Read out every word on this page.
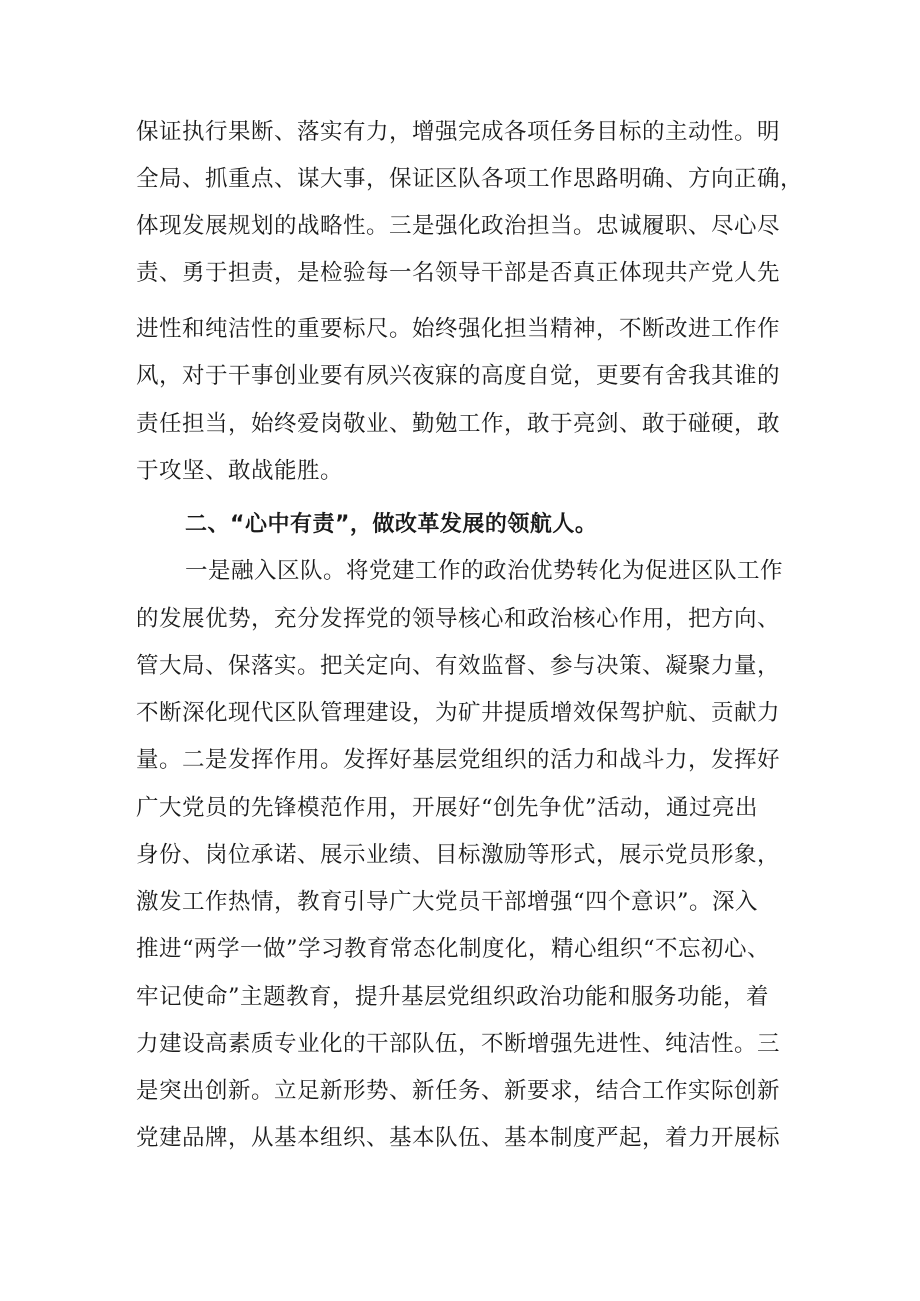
保证执行果断、落实有力，增强完成各项任务目标的主动性。明
全局、抓重点、谋大事，保证区队各项工作思路明确、方向正确，
体现发展规划的战略性。三是强化政治担当。忠诚履职、尽心尽
责、勇于担责，是检验每一名领导干部是否真正体现共产党人先
进性和纯洁性的重要标尺。始终强化担当精神，不断改进工作作
风，对于干事创业要有夙兴夜寐的高度自觉，更要有舍我其谁的
责任担当，始终爱岗敬业、勤勉工作，敢于亮剑、敢于碰硬，敢
于攻坚、敢战能胜。
二、“心中有责”，做改革发展的领航人。
一是融入区队。将党建工作的政治优势转化为促进区队工作
的发展优势，充分发挥党的领导核心和政治核心作用，把方向、
管大局、保落实。把关定向、有效监督、参与决策、凝聚力量，
不断深化现代区队管理建设，为矿井提质增效保驾护航、贡献力
量。二是发挥作用。发挥好基层党组织的活力和战斗力，发挥好
广大党员的先锋模范作用，开展好“创先争优”活动，通过亮出
身份、岗位承诺、展示业绩、目标激励等形式，展示党员形象，
激发工作热情，教育引导广大党员干部增强“四个意识”。深入
推进“两学一做”学习教育常态化制度化，精心组织“不忘初心、
牢记使命”主题教育，提升基层党组织政治功能和服务功能，着
力建设高素质专业化的干部队伍，不断增强先进性、纯洁性。三
是突出创新。立足新形势、新任务、新要求，结合工作实际创新
党建品牌，从基本组织、基本队伍、基本制度严起，着力开展标
